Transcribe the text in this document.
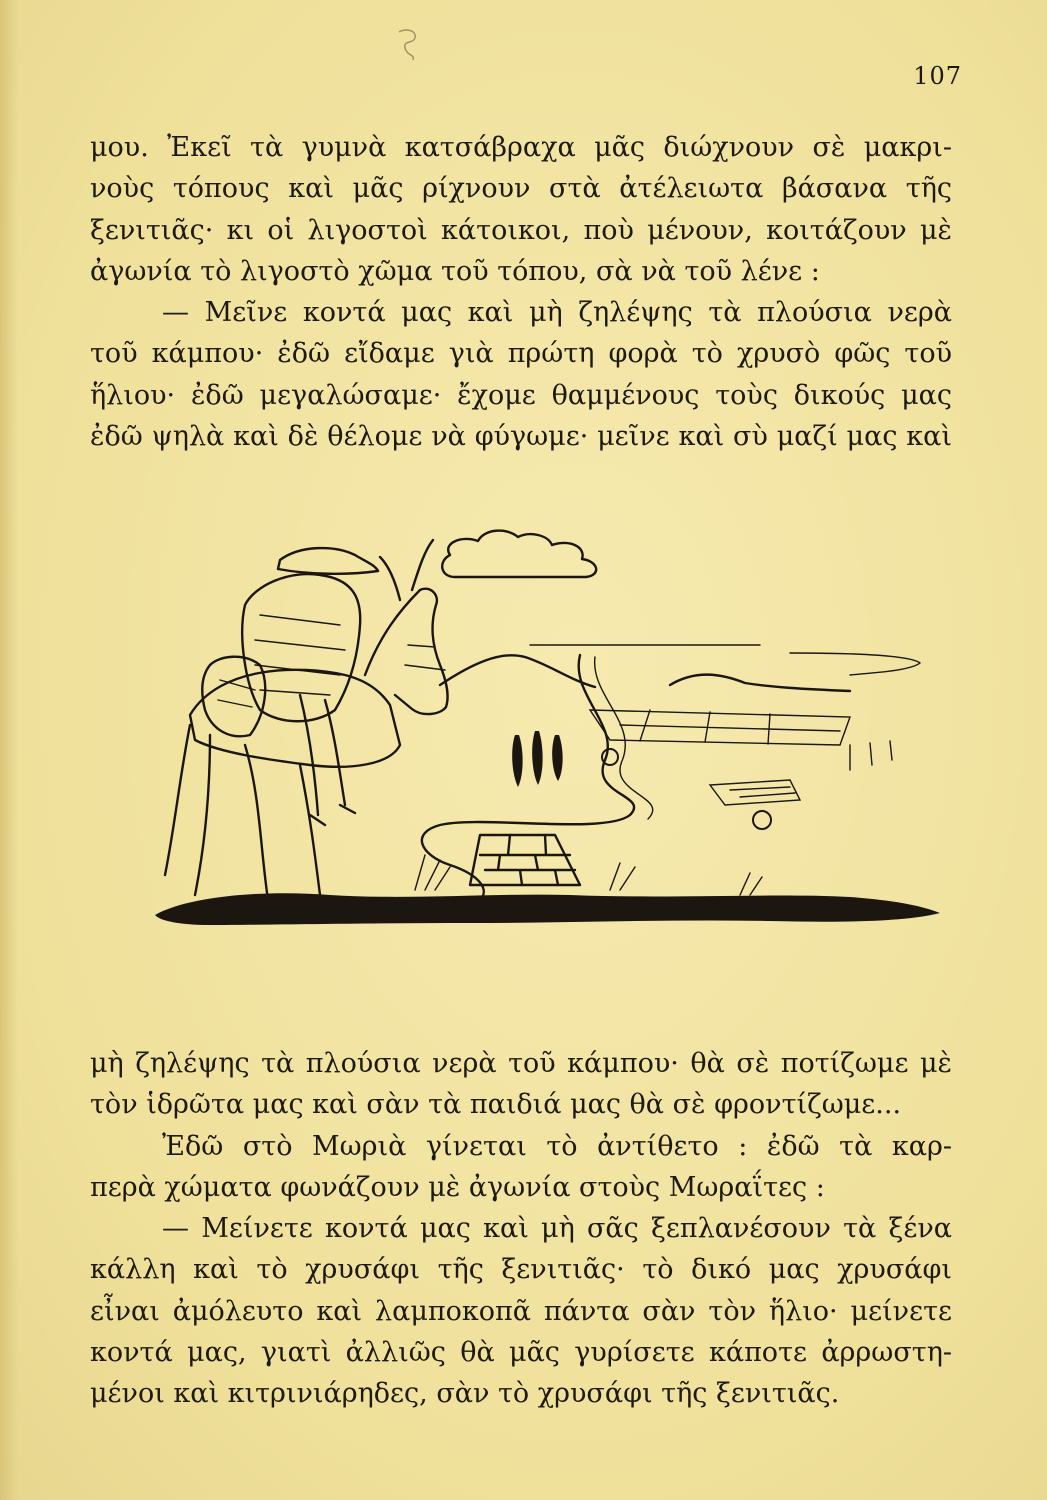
107
μου. Ἐκεῖ τὰ γυμνὰ κατσάβραχα μᾶς διώχνουν σὲ μακρι-
νοὺς τόπους καὶ μᾶς ρίχνουν στὰ ἀτέλειωτα βάσανα τῆς
ξενιτιᾶς· κι οἱ λιγοστοὶ κάτοικοι, ποὺ μένουν, κοιτάζουν μὲ
ἀγωνία τὸ λιγοστὸ χῶμα τοῦ τόπου, σὰ νὰ τοῦ λένε :
— Μεῖνε κοντά μας καὶ μὴ ζηλέψης τὰ πλούσια νερὰ
τοῦ κάμπου· ἐδῶ εἴδαμε γιὰ πρώτη φορὰ τὸ χρυσὸ φῶς τοῦ
ἥλιου· ἐδῶ μεγαλώσαμε· ἔχομε θαμμένους τοὺς δικούς μας
ἐδῶ ψηλὰ καὶ δὲ θέλομε νὰ φύγωμε· μεῖνε καὶ σὺ μαζί μας καὶ
μὴ ζηλέψης τὰ πλούσια νερὰ τοῦ κάμπου· θὰ σὲ ποτίζωμε μὲ
τὸν ἱδρῶτα μας καὶ σὰν τὰ παιδιά μας θὰ σὲ φροντίζωμε...
Ἐδῶ στὸ Μωριὰ γίνεται τὸ ἀντίθετο : ἐδῶ τὰ καρ-
περὰ χώματα φωνάζουν μὲ ἀγωνία στοὺς Μωραΐτες :
— Μείνετε κοντά μας καὶ μὴ σᾶς ξεπλανέσουν τὰ ξένα
κάλλη καὶ τὸ χρυσάφι τῆς ξενιτιᾶς· τὸ δικό μας χρυσάφι
εἶναι ἀμόλευτο καὶ λαμποκοπᾶ πάντα σὰν τὸν ἥλιο· μείνετε
κοντά μας, γιατὶ ἀλλιῶς θὰ μᾶς γυρίσετε κάποτε ἀρρωστη-
μένοι καὶ κιτρινιάρηδες, σὰν τὸ χρυσάφι τῆς ξενιτιᾶς.
